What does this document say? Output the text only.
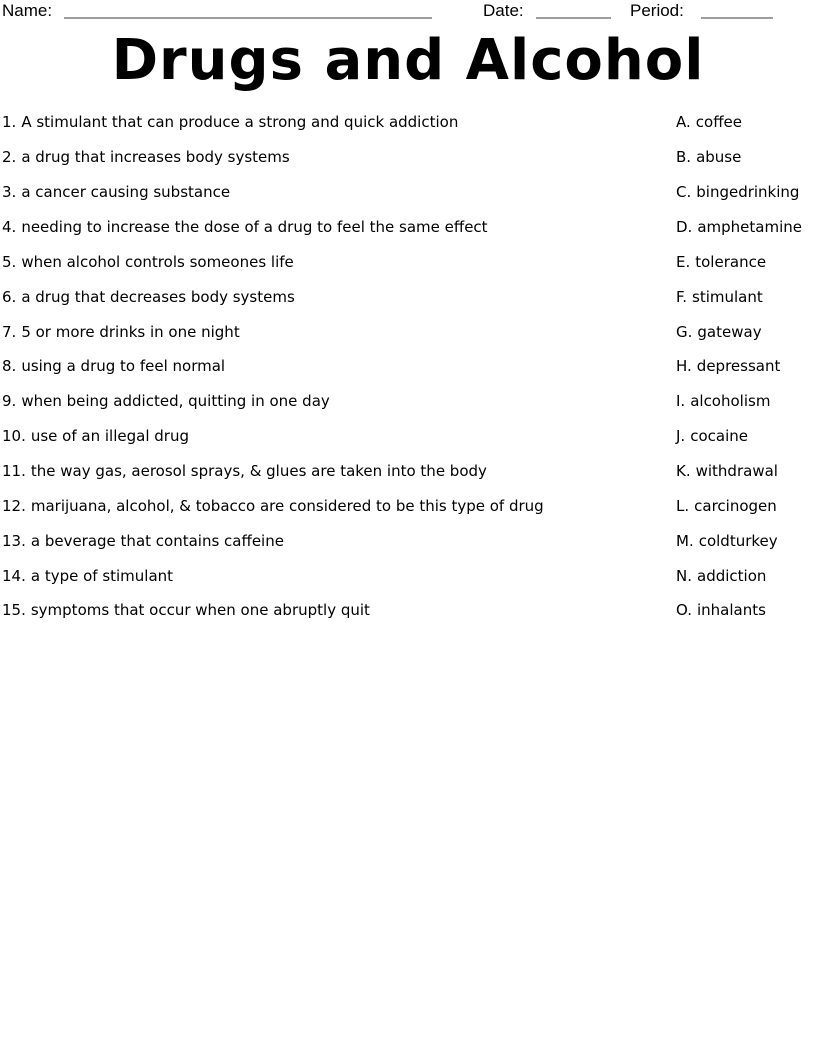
Name:	Date:	Period:
Drugs and Alcohol
1. A stimulant that can produce a strong and quick addiction
2. a drug that increases body systems
3. a cancer causing substance
4. needing to increase the dose of a drug to feel the same effect
5. when alcohol controls someones life
6. a drug that decreases body systems
7. 5 or more drinks in one night
8. using a drug to feel normal
9. when being addicted, quitting in one day
10. use of an illegal drug
11. the way gas, aerosol sprays, & glues are taken into the body
12. marijuana, alcohol, & tobacco are considered to be this type of drug
13. a beverage that contains caffeine
14. a type of stimulant
15. symptoms that occur when one abruptly quit
A. coffee
B. abuse
C. bingedrinking
D. amphetamine
E. tolerance
F. stimulant
G. gateway
H. depressant
I. alcoholism
J. cocaine
K. withdrawal
L. carcinogen
M. coldturkey
N. addiction
O. inhalants
